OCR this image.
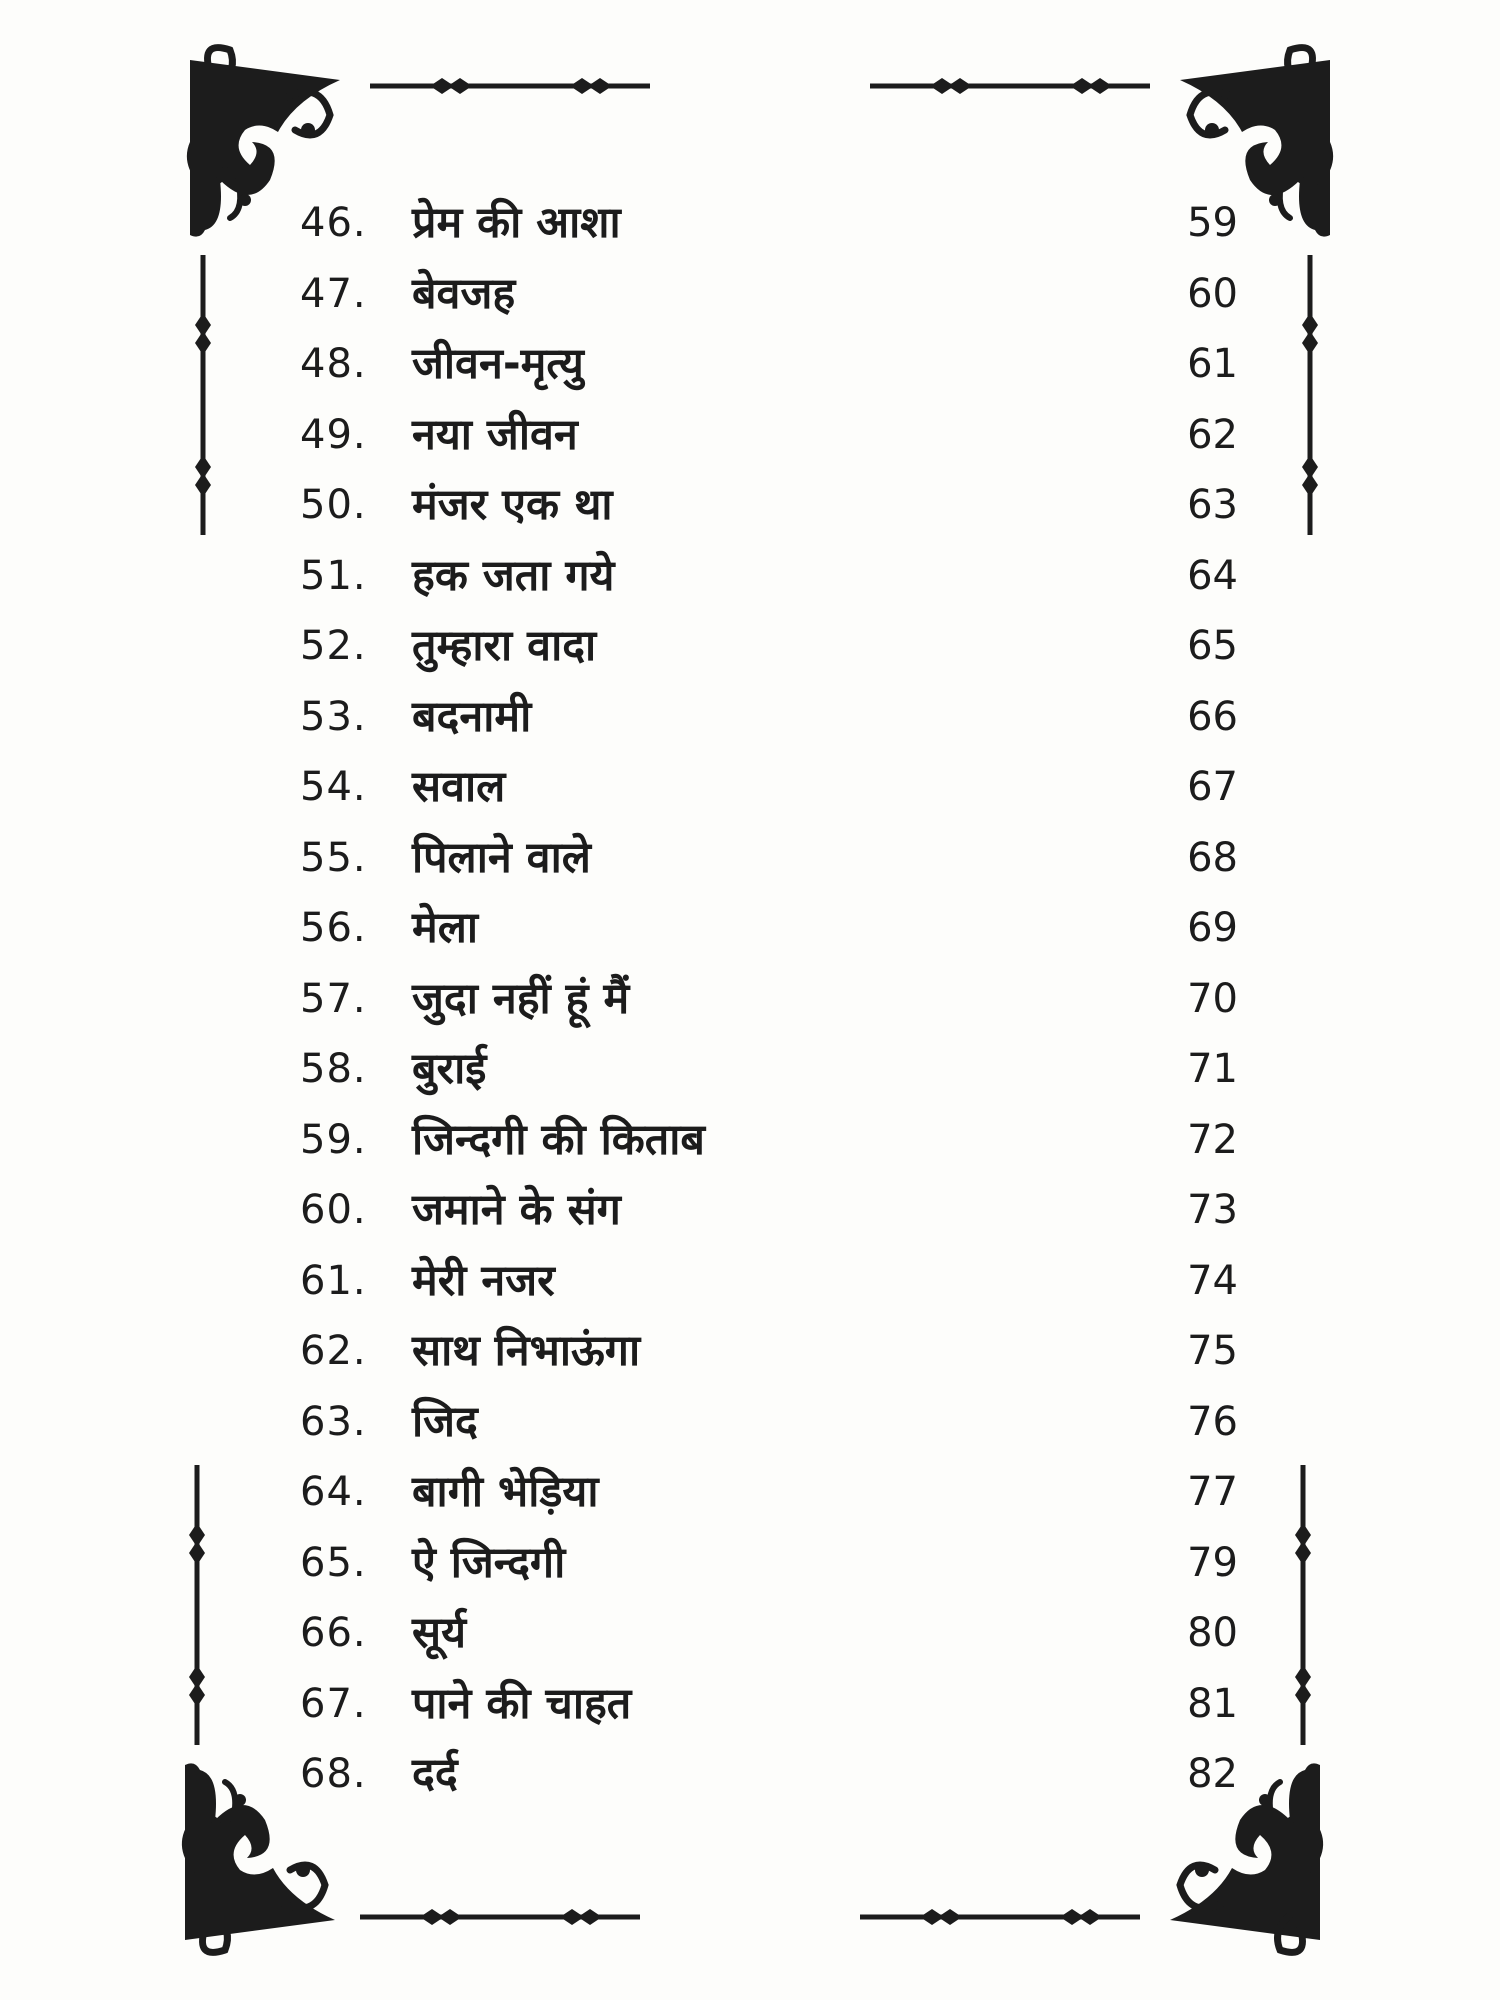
46. प्रेम की आशा	59
47. बेवजह	60
48. जीवन-मृत्यु	61
49. नया जीवन	62
50. मंजर एक था	63
51. हक जता गये	64
52. तुम्हारा वादा	65
53. बदनामी	66
54. सवाल	67
55. पिलाने वाले	68
56. मेला	69
57. जुदा नहीं हूं मैं	70
58. बुराई	71
59. जिन्दगी की किताब	72
60. जमाने के संग	73
61. मेरी नजर	74
62. साथ निभाऊंगा	75
63. जिद	76
64. बागी भेड़िया	77
65. ऐ जिन्दगी	79
66. सूर्य	80
67. पाने की चाहत	81
68. दर्द	82
